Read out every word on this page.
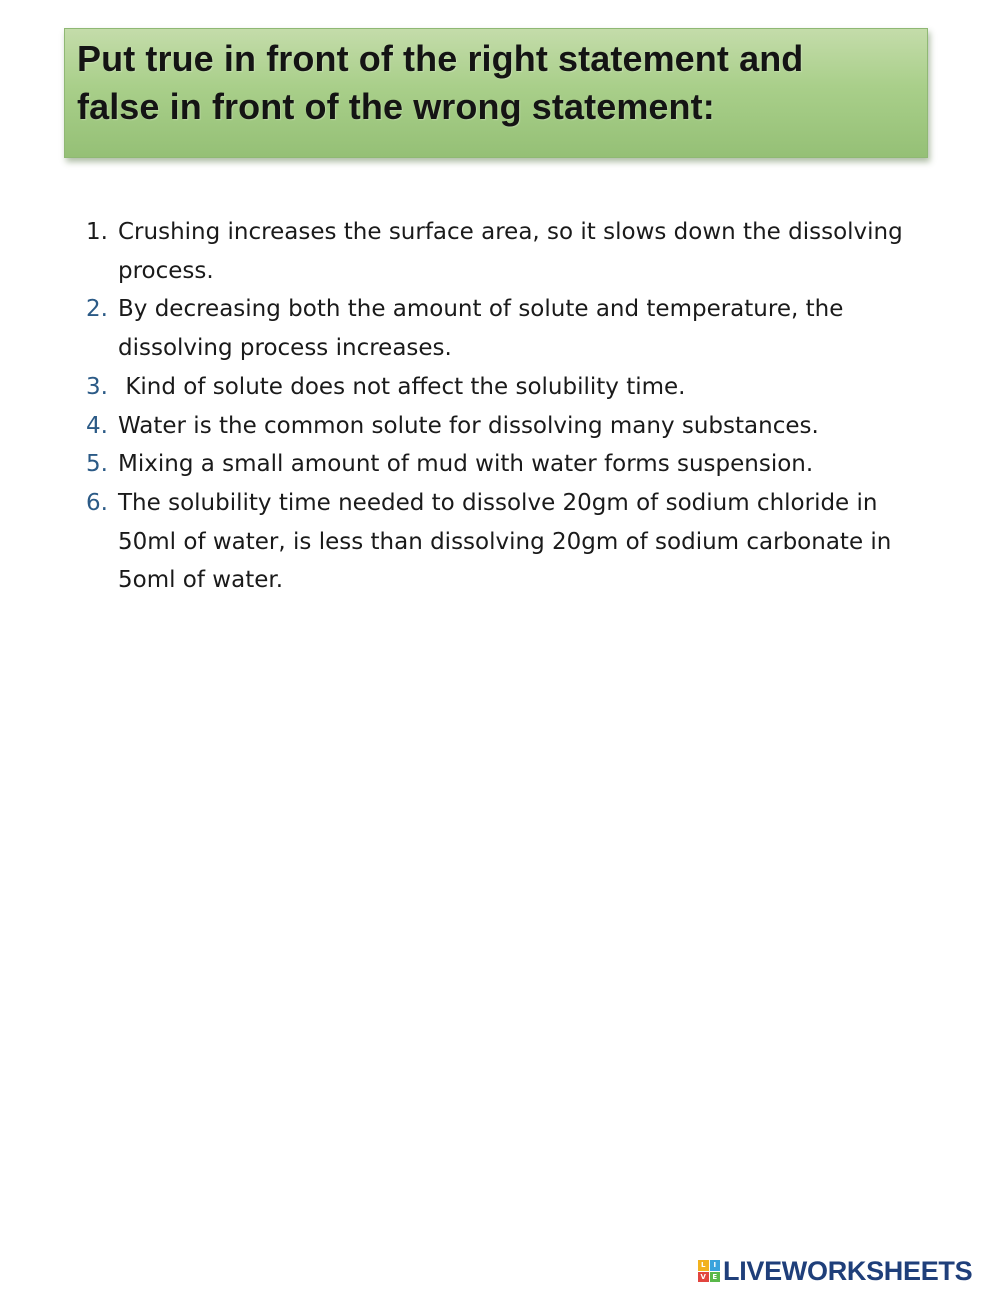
Put true in front of the right statement and
false in front of the wrong statement:

1. Crushing increases the surface area, so it slows down the dissolving process.
2. By decreasing both the amount of solute and temperature, the dissolving process increases.
3. Kind of solute does not affect the solubility time.
4. Water is the common solute for dissolving many substances.
5. Mixing a small amount of mud with water forms suspension.
6. The solubility time needed to dissolve 20gm of sodium chloride in 50ml of water, is less than dissolving 20gm of sodium carbonate in 5oml of water.
L	I
V E LIVEWORKSHEETS
